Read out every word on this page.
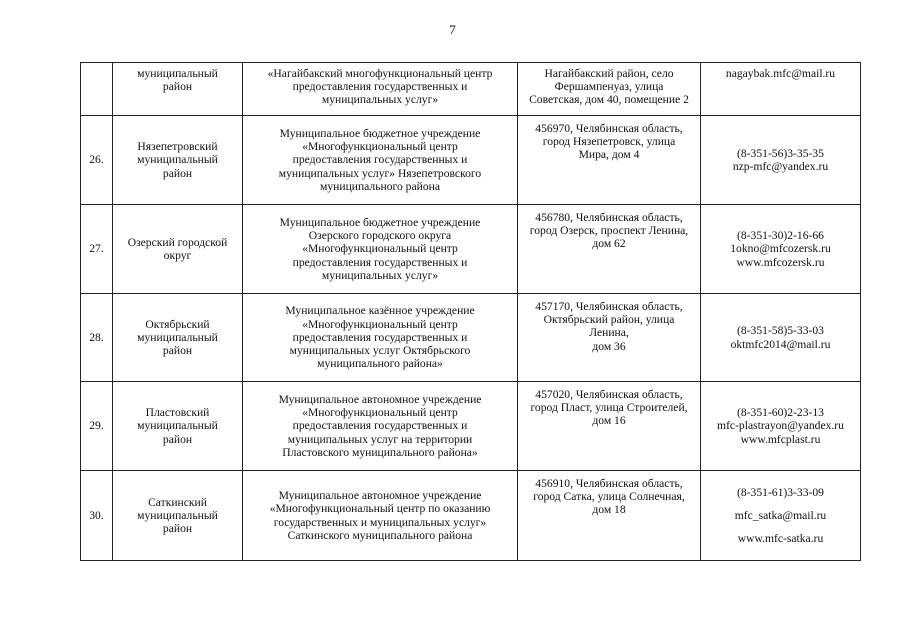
7

	муниципальный
район	«Нагайбакский многофункциональный центр
предоставления государственных и
муниципальных услуг»	Нагайбакский район, село
Фершампенуаз, улица
Советская, дом 40, помещение 2	nagaybak.mfc@mail.ru

26.	Нязепетровский
муниципальный
район	Муниципальное бюджетное учреждение
«Многофункциональный центр
предоставления государственных и
муниципальных услуг» Нязепетровского
муниципального района	456970, Челябинская область,
город Нязепетровск, улица
Мира, дом 4	(8-351-56)3-35-35
nzp-mfc@yandex.ru

27.	Озерский городской
округ	Муниципальное бюджетное учреждение
Озерского городского округа
«Многофункциональный центр
предоставления государственных и
муниципальных услуг»	456780, Челябинская область,
город Озерск, проспект Ленина,
дом 62	(8-351-30)2-16-66
1okno@mfcozersk.ru
www.mfcozersk.ru

28.	Октябрьский
муниципальный
район	Муниципальное казённое учреждение
«Многофункциональный центр
предоставления государственных и
муниципальных услуг Октябрьского
муниципального района»	457170, Челябинская область,
Октябрьский район, улица
Ленина,
дом 36	(8-351-58)5-33-03
oktmfc2014@mail.ru

29.	Пластовский
муниципальный
район	Муниципальное автономное учреждение
«Многофункциональный центр
предоставления государственных и
муниципальных услуг на территории
Пластовского муниципального района»	457020, Челябинская область,
город Пласт, улица Строителей,
дом 16	(8-351-60)2-23-13
mfc-plastrayon@yandex.ru
www.mfcplast.ru

30.	Саткинский
муниципальный
район	Муниципальное автономное учреждение
«Многофункциональный центр по оказанию
государственных и муниципальных услуг»
Саткинского муниципального района	456910, Челябинская область,
город Сатка, улица Солнечная,
дом 18	(8-351-61)3-33-09
mfc_satka@mail.ru
www.mfc-satka.ru
